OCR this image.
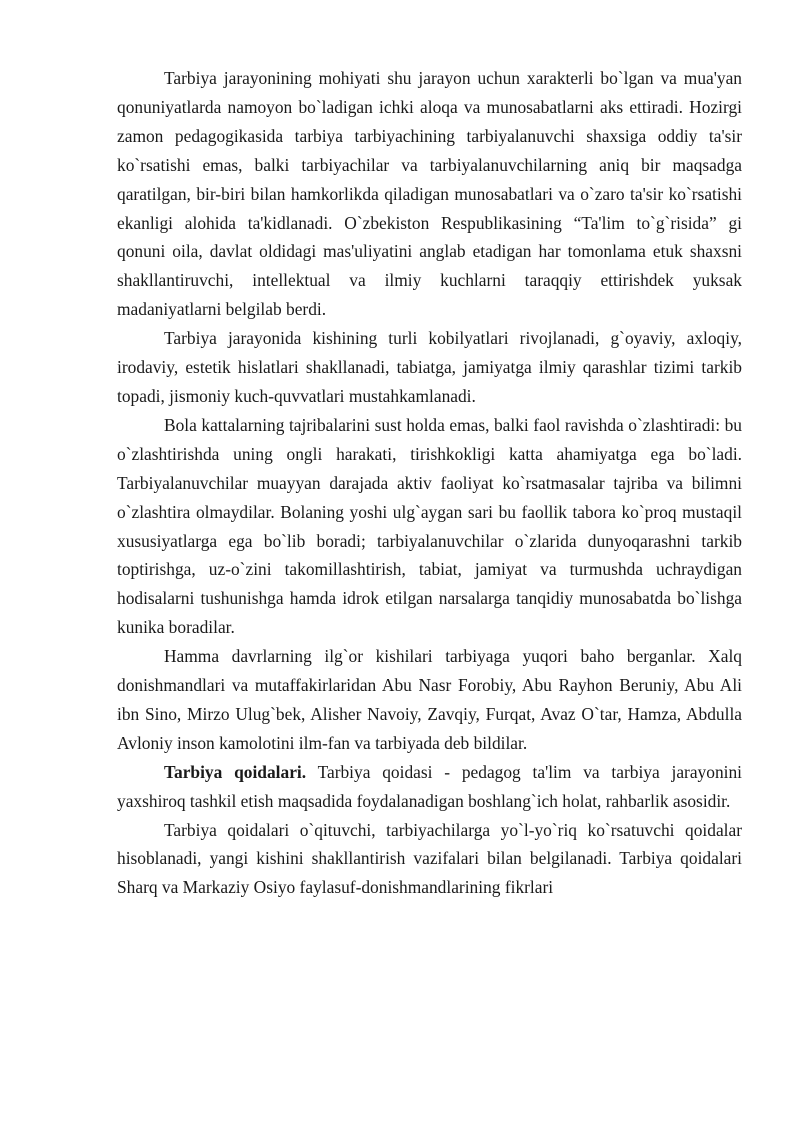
Tarbiya jarayonining mohiyati shu jarayon uchun xarakterli bo`lgan va mua'yan qonuniyatlarda namoyon bo`ladigan ichki aloqa va munosabatlarni aks ettiradi. Hozirgi zamon pedagogikasida tarbiya tarbiyachining tarbiyalanuvchi shaxsiga oddiy ta'sir ko`rsatishi emas, balki tarbiyachilar va tarbiyalanuvchilarning aniq bir maqsadga qaratilgan, bir-biri bilan hamkorlikda qiladigan munosabatlari va o`zaro ta'sir ko`rsatishi ekanligi alohida ta'kidlanadi. O`zbekiston Respublikasining “Ta'lim to`g`risida” gi qonuni oila, davlat oldidagi mas'uliyatini anglab etadigan har tomonlama etuk shaxsni shakllantiruvchi, intellektual va ilmiy kuchlarni taraqqiy ettirishdek yuksak madaniyatlarni belgilab berdi.

Tarbiya jarayonida kishining turli kobilyatlari rivojlanadi, g`oyaviy, axloqiy, irodaviy, estetik hislatlari shakllanadi, tabiatga, jamiyatga ilmiy qarashlar tizimi tarkib topadi, jismoniy kuch-quvvatlari mustahkamlanadi.

Bola kattalarning tajribalarini sust holda emas, balki faol ravishda o`zlashtiradi: bu o`zlashtirishda uning ongli harakati, tirishkokligi katta ahamiyatga ega bo`ladi. Tarbiyalanuvchilar muayyan darajada aktiv faoliyat ko`rsatmasalar tajriba va bilimni o`zlashtira olmaydilar. Bolaning yoshi ulg`aygan sari bu faollik tabora ko`proq mustaqil xususiyatlarga ega bo`lib boradi; tarbiyalanuvchilar o`zlarida dunyoqarashni tarkib toptirishga, uz-o`zini takomillashtirish, tabiat, jamiyat va turmushda uchraydigan hodisalarni tushunishga hamda idrok etilgan narsalarga tanqidiy munosabatda bo`lishga kunika boradilar.

Hamma davrlarning ilg`or kishilari tarbiyaga yuqori baho berganlar. Xalq donishmandlari va mutaffakirlaridan Abu Nasr Forobiy, Abu Rayhon Beruniy, Abu Ali ibn Sino, Mirzo Ulug`bek, Alisher Navoiy, Zavqiy, Furqat, Avaz O`tar, Hamza, Abdulla Avloniy inson kamolotini ilm-fan va tarbiyada deb bildilar.

Tarbiya qoidalari. Tarbiya qoidasi - pedagog ta'lim va tarbiya jarayonini yaxshiroq tashkil etish maqsadida foydalanadigan boshlang`ich holat, rahbarlik asosidir.

Tarbiya qoidalari o`qituvchi, tarbiyachilarga yo`l-yo`riq ko`rsatuvchi qoidalar hisoblanadi, yangi kishini shakllantirish vazifalari bilan belgilanadi. Tarbiya qoidalari Sharq va Markaziy Osiyo faylasuf-donishmandlarining fikrlari
